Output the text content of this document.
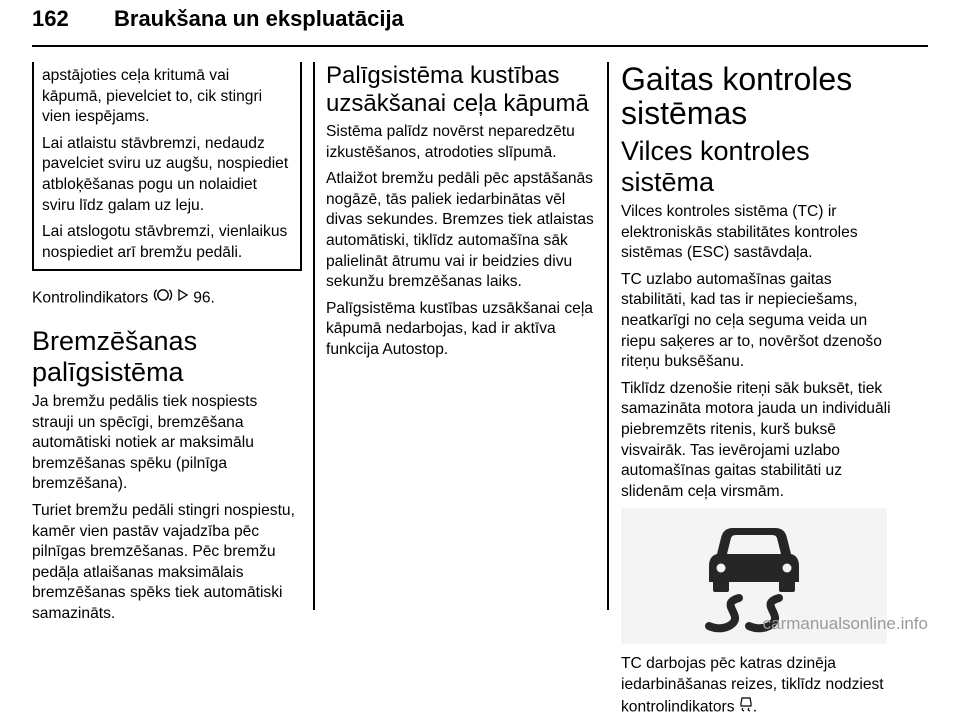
162 Braukšana un ekspluatācija

apstājoties ceļa kritumā vai kāpumā, pievelciet to, cik stingri vien iespējams.

Lai atlaistu stāvbremzi, nedaudz pavelciet sviru uz augšu, nospiediet atbloķēšanas pogu un nolaidiet sviru līdz galam uz leju.

Lai atslogotu stāvbremzi, vienlaikus nospiediet arī bremžu pedāli.

Kontrolindikators	96.

Bremzēšanas palīgsistēma

Ja bremžu pedālis tiek nospiests strauji un spēcīgi, bremzēšana automātiski notiek ar maksimālu bremzēšanas spēku (pilnīga bremzēšana).

Turiet bremžu pedāli stingri nospiestu, kamēr vien pastāv vajadzība pēc pilnīgas bremzēšanas. Pēc bremžu pedāļa atlaišanas maksimālais bremzēšanas spēks tiek automātiski samazināts.

Palīgsistēma kustības uzsākšanai ceļa kāpumā

Sistēma palīdz novērst neparedzētu izkustēšanos, atrodoties slīpumā.

Atlaižot bremžu pedāli pēc apstāšanās nogāzē, tās paliek iedarbinātas vēl divas sekundes. Bremzes tiek atlaistas automātiski, tiklīdz automašīna sāk palielināt ātrumu vai ir beidzies divu sekunžu bremzēšanas laiks.

Palīgsistēma kustības uzsākšanai ceļa kāpumā nedarbojas, kad ir aktīva funkcija Autostop.

Gaitas kontroles sistēmas
Vilces kontroles sistēma

Vilces kontroles sistēma (TC) ir elektroniskās stabilitātes kontroles sistēmas (ESC) sastāvdaļa.

TC uzlabo automašīnas gaitas stabilitāti, kad tas ir nepieciešams, neatkarīgi no ceļa seguma veida un riepu saķeres ar to, novēršot dzenošo riteņu buksēšanu.

Tiklīdz dzenošie riteņi sāk buksēt, tiek samazināta motora jauda un individuāli piebremzēts ritenis, kurš buksē visvairāk. Tas ievērojami uzlabo automašīnas gaitas stabilitāti uz slidenām ceļa virsmām.

TC darbojas pēc katras dzinēja iedarbināšanas reizes, tiklīdz nodziest kontrolindikators .

carmanualsonline.info
